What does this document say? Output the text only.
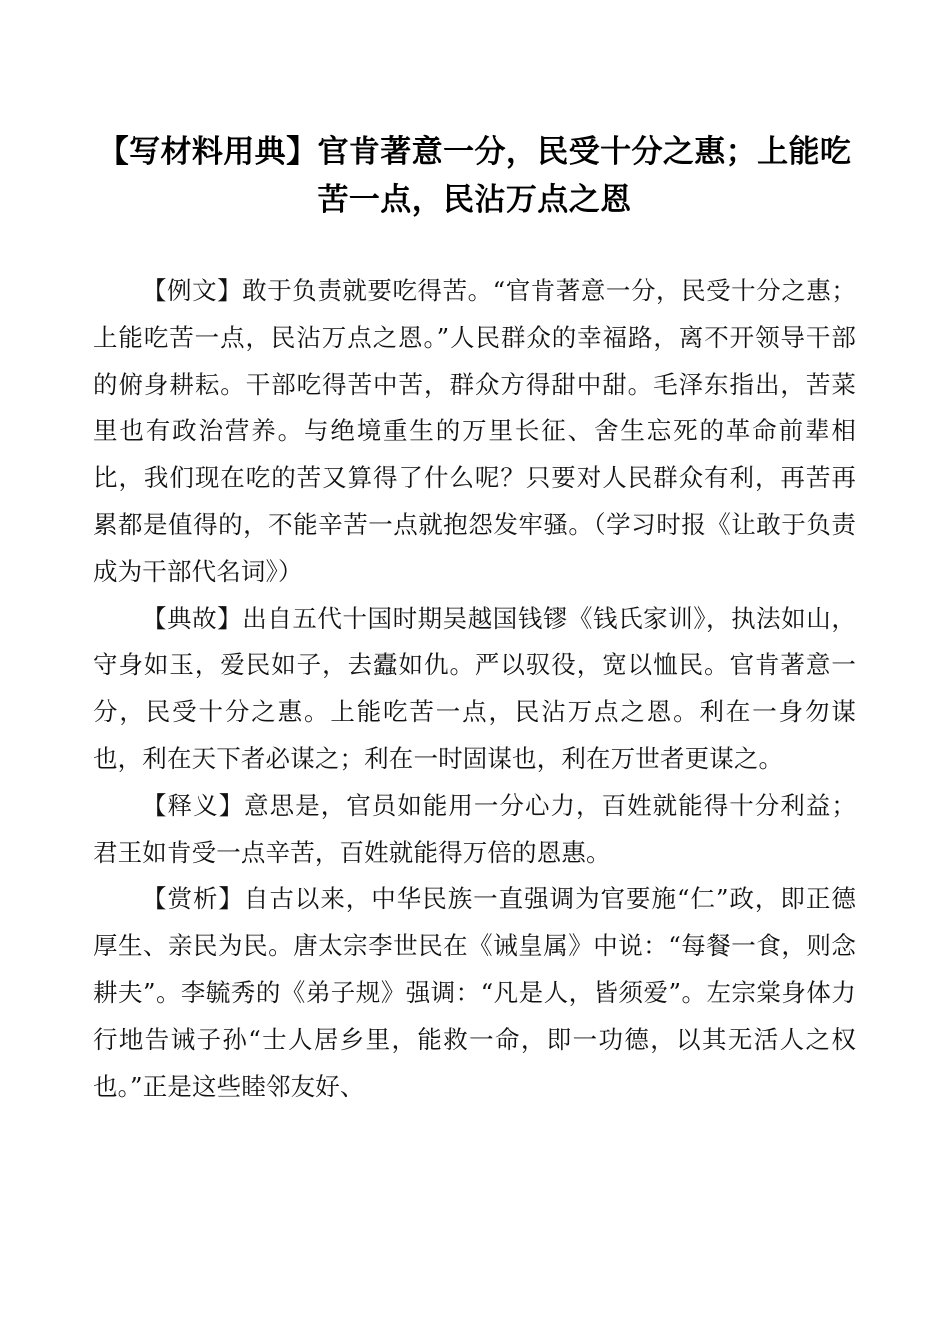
【写材料用典】官肯著意一分，民受十分之惠；上能吃苦一点，民沾万点之恩

【例文】敢于负责就要吃得苦。“官肯著意一分，民受十分之惠；上能吃苦一点，民沾万点之恩。”人民群众的幸福路，离不开领导干部的俯身耕耘。干部吃得苦中苦，群众方得甜中甜。毛泽东指出，苦菜里也有政治营养。与绝境重生的万里长征、舍生忘死的革命前辈相比，我们现在吃的苦又算得了什么呢？只要对人民群众有利，再苦再累都是值得的，不能辛苦一点就抱怨发牢骚。（学习时报《让敢于负责成为干部代名词》）

【典故】出自五代十国时期吴越国钱镠《钱氏家训》，执法如山，守身如玉，爱民如子，去蠹如仇。严以驭役，宽以恤民。官肯著意一分，民受十分之惠。上能吃苦一点，民沾万点之恩。利在一身勿谋也，利在天下者必谋之；利在一时固谋也，利在万世者更谋之。

【释义】意思是，官员如能用一分心力，百姓就能得十分利益；君王如肯受一点辛苦，百姓就能得万倍的恩惠。

【赏析】自古以来，中华民族一直强调为官要施“仁”政，即正德厚生、亲民为民。唐太宗李世民在《诫皇属》中说：“每餐一食，则念耕夫”。李毓秀的《弟子规》强调：“凡是人，皆须爱”。左宗棠身体力行地告诫子孙“士人居乡里，能救一命，即一功德，以其无活人之权也。”正是这些睦邻友好、
